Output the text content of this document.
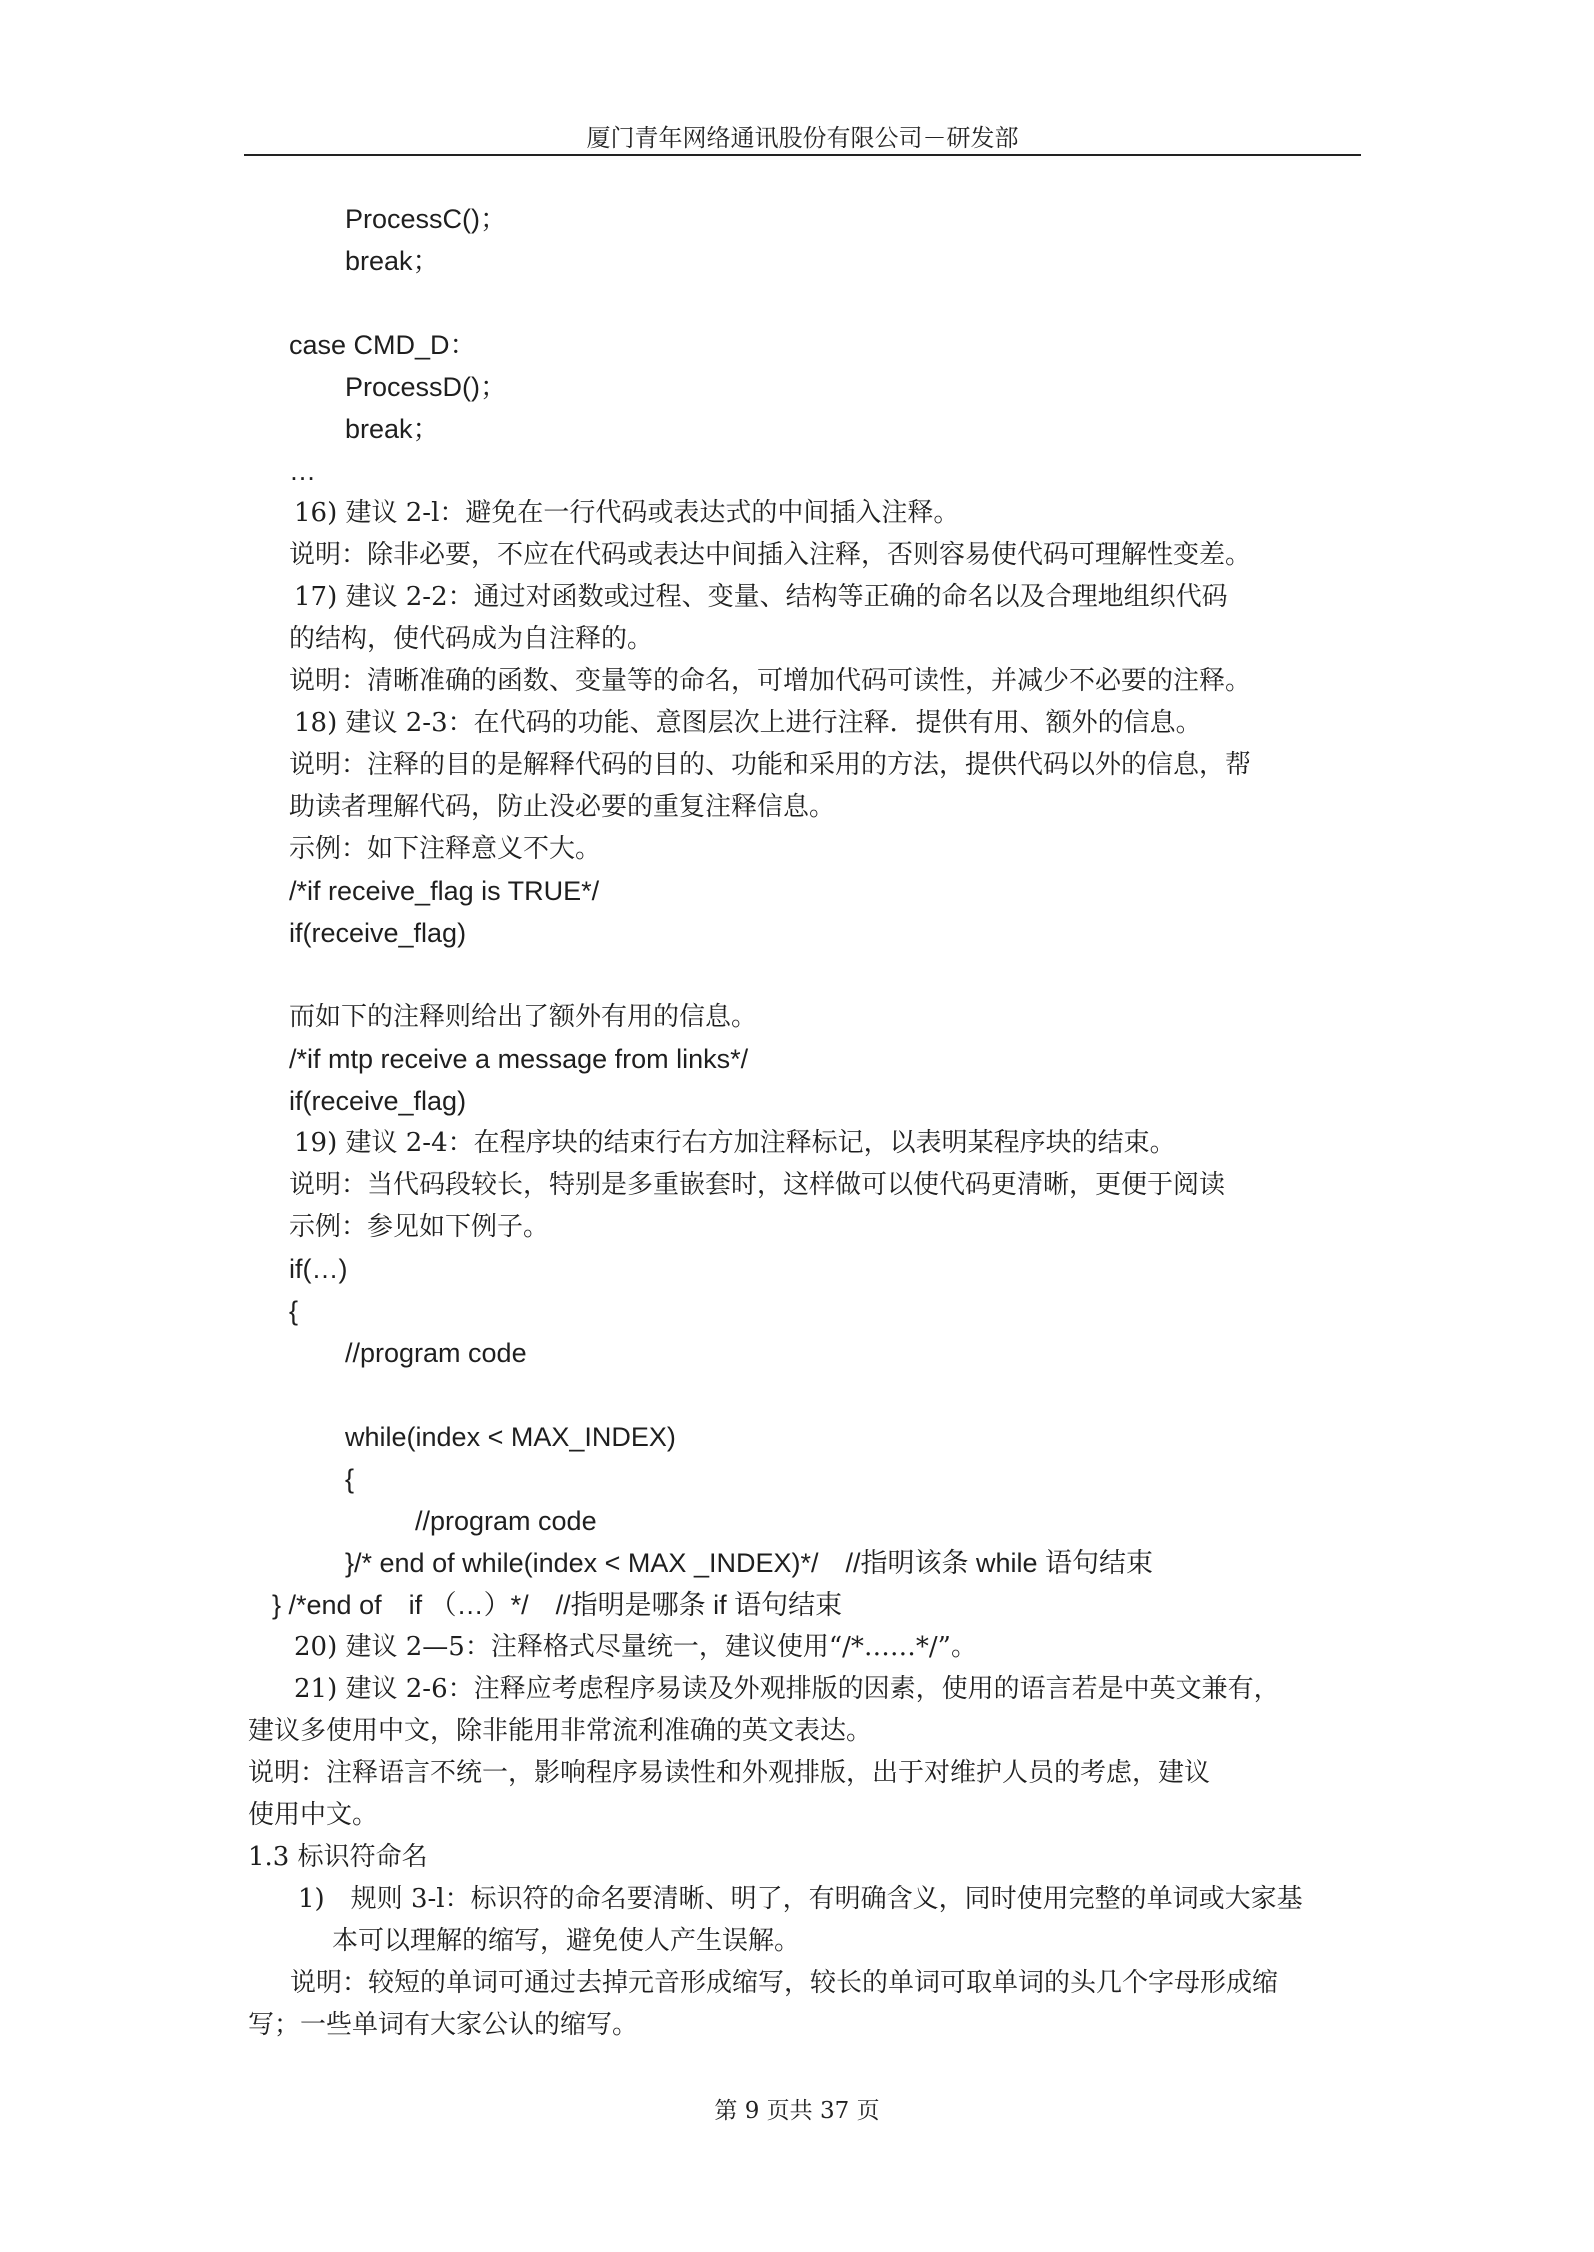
厦门青年网络通讯股份有限公司－研发部
ProcessC()；
break；
case CMD_D：
ProcessD()；
break；
…
16) 建议 2-l：避免在一行代码或表达式的中间插入注释。
说明：除非必要，不应在代码或表达中间插入注释，否则容易使代码可理解性变差。
17) 建议 2-2：通过对函数或过程、变量、结构等正确的命名以及合理地组织代码
的结构，使代码成为自注释的。
说明：清晰准确的函数、变量等的命名，可增加代码可读性，并减少不必要的注释。
18) 建议 2-3：在代码的功能、意图层次上进行注释．提供有用、额外的信息。
说明：注释的目的是解释代码的目的、功能和采用的方法，提供代码以外的信息，帮
助读者理解代码，防止没必要的重复注释信息。
示例：如下注释意义不大。
/*if receive_flag is TRUE*/
if(receive_flag)
而如下的注释则给出了额外有用的信息。
/*if mtp receive a message from links*/
if(receive_flag)
19) 建议 2-4：在程序块的结束行右方加注释标记，以表明某程序块的结束。
说明：当代码段较长，特别是多重嵌套时，这样做可以使代码更清晰，更便于阅读
示例：参见如下例子。
if(…)
{
//program code
while(index < MAX_INDEX)
{
//program code
}/* end of while(index < MAX _INDEX)*/　//指明该条 while 语句结束
} /*end of　if （…）*/　//指明是哪条 if 语句结束
20) 建议 2—5：注释格式尽量统一，建议使用“/*……*/”。
21) 建议 2-6：注释应考虑程序易读及外观排版的因素，使用的语言若是中英文兼有，
建议多使用中文，除非能用非常流利准确的英文表达。
说明：注释语言不统一，影响程序易读性和外观排版，出于对维护人员的考虑，建议
使用中文。
1.3 标识符命名
1)　规则 3-l：标识符的命名要清晰、明了，有明确含义，同时使用完整的单词或大家基
本可以理解的缩写，避免使人产生误解。
说明：较短的单词可通过去掉元音形成缩写，较长的单词可取单词的头几个字母形成缩
写；一些单词有大家公认的缩写。
第 9 页共 37 页
